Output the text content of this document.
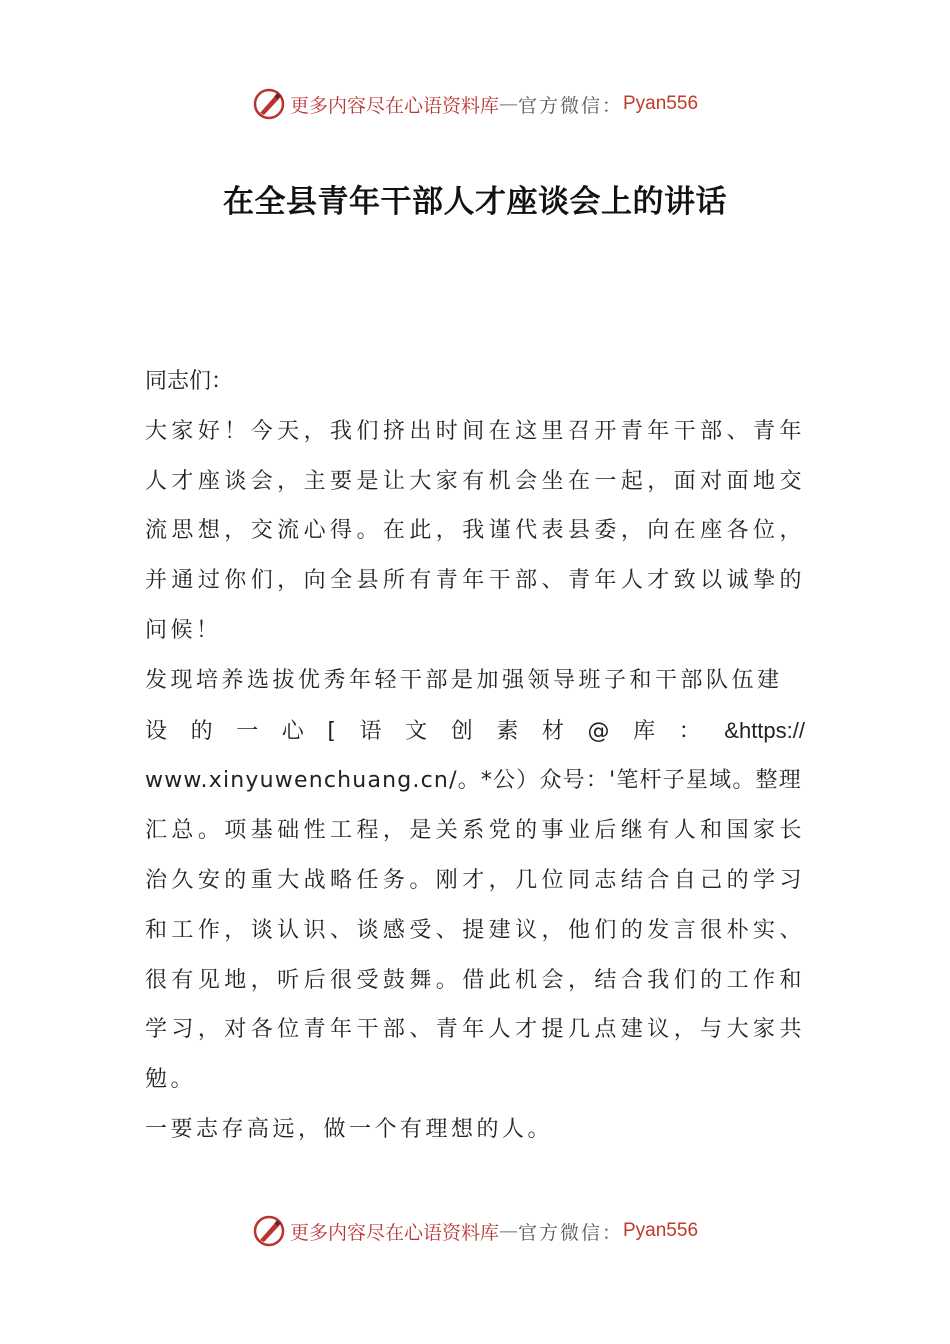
更多内容尽在心语资料库 — 官方微信： Pyan556
在全县青年干部人才座谈会上的讲话

同志们：

大家好！今天，我们挤出时间在这里召开青年干部、青年人才座谈会，主要是让大家有机会坐在一起，面对面地交流思想，交流心得。在此，我谨代表县委，向在座各位，并通过你们，向全县所有青年干部、青年人才致以诚挚的问候！

发现培养选拔优秀年轻干部是加强领导班子和干部队伍建

设 的 一 心 [ 语 文 创 素 材 @ 库 ： &https://

www.xinyuwenchuang.cn/。*公）众号：'笔杆子星域。整理

汇总。项基础性工程，是关系党的事业后继有人和国家长治久安的重大战略任务。刚才，几位同志结合自己的学习和工作，谈认识、谈感受、提建议，他们的发言很朴实、很有见地，听后很受鼓舞。借此机会，结合我们的工作和学习，对各位青年干部、青年人才提几点建议，与大家共勉。

一要志存高远，做一个有理想的人。

更多内容尽在心语资料库 — 官方微信： Pyan556
